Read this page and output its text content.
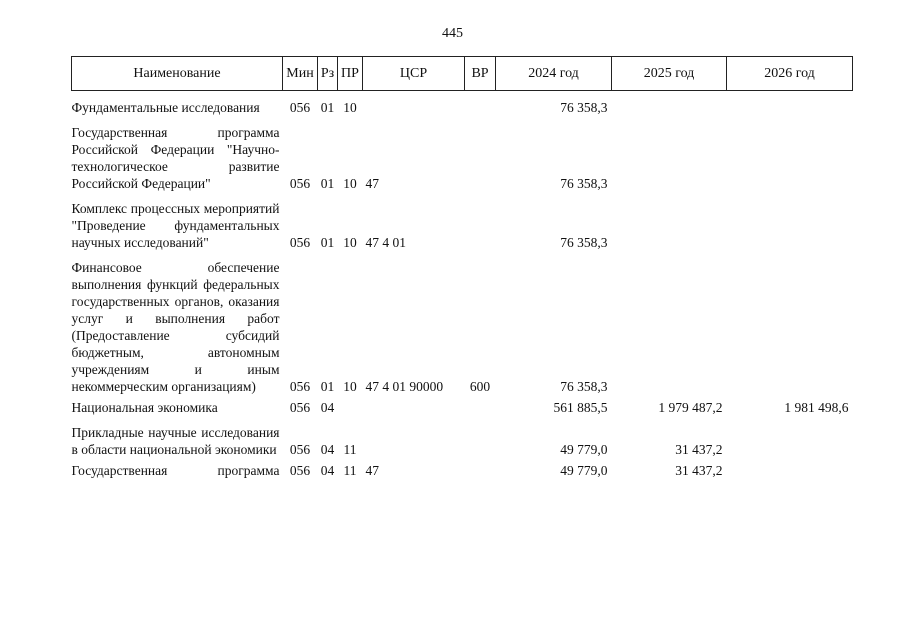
445
Наименование	Мин	Рз	ПР	ЦСР	ВР	2024 год	2025 год	2026 год

Фундаментальные исследования	056	01	10			76 358,3		

Государственная программа Российской Федерации "Научно-технологическое развитие Российской Федерации"	056	01	10	47		76 358,3		

Комплекс процессных мероприятий "Проведение фундаментальных научных исследований"	056	01	10	47 4 01		76 358,3		

Финансовое обеспечение выполнения функций федеральных государственных органов, оказания услуг и выполнения работ (Предоставление субсидий бюджетным, автономным учреждениям и иным некоммерческим организациям)	056	01	10	47 4 01 90000	600	76 358,3		

Национальная экономика	056	04				561 885,5	1 979 487,2	1 981 498,6

Прикладные научные исследования в области национальной экономики	056	04	11			49 779,0	31 437,2	

Государственная программа	056	04	11	47		49 779,0	31 437,2	
